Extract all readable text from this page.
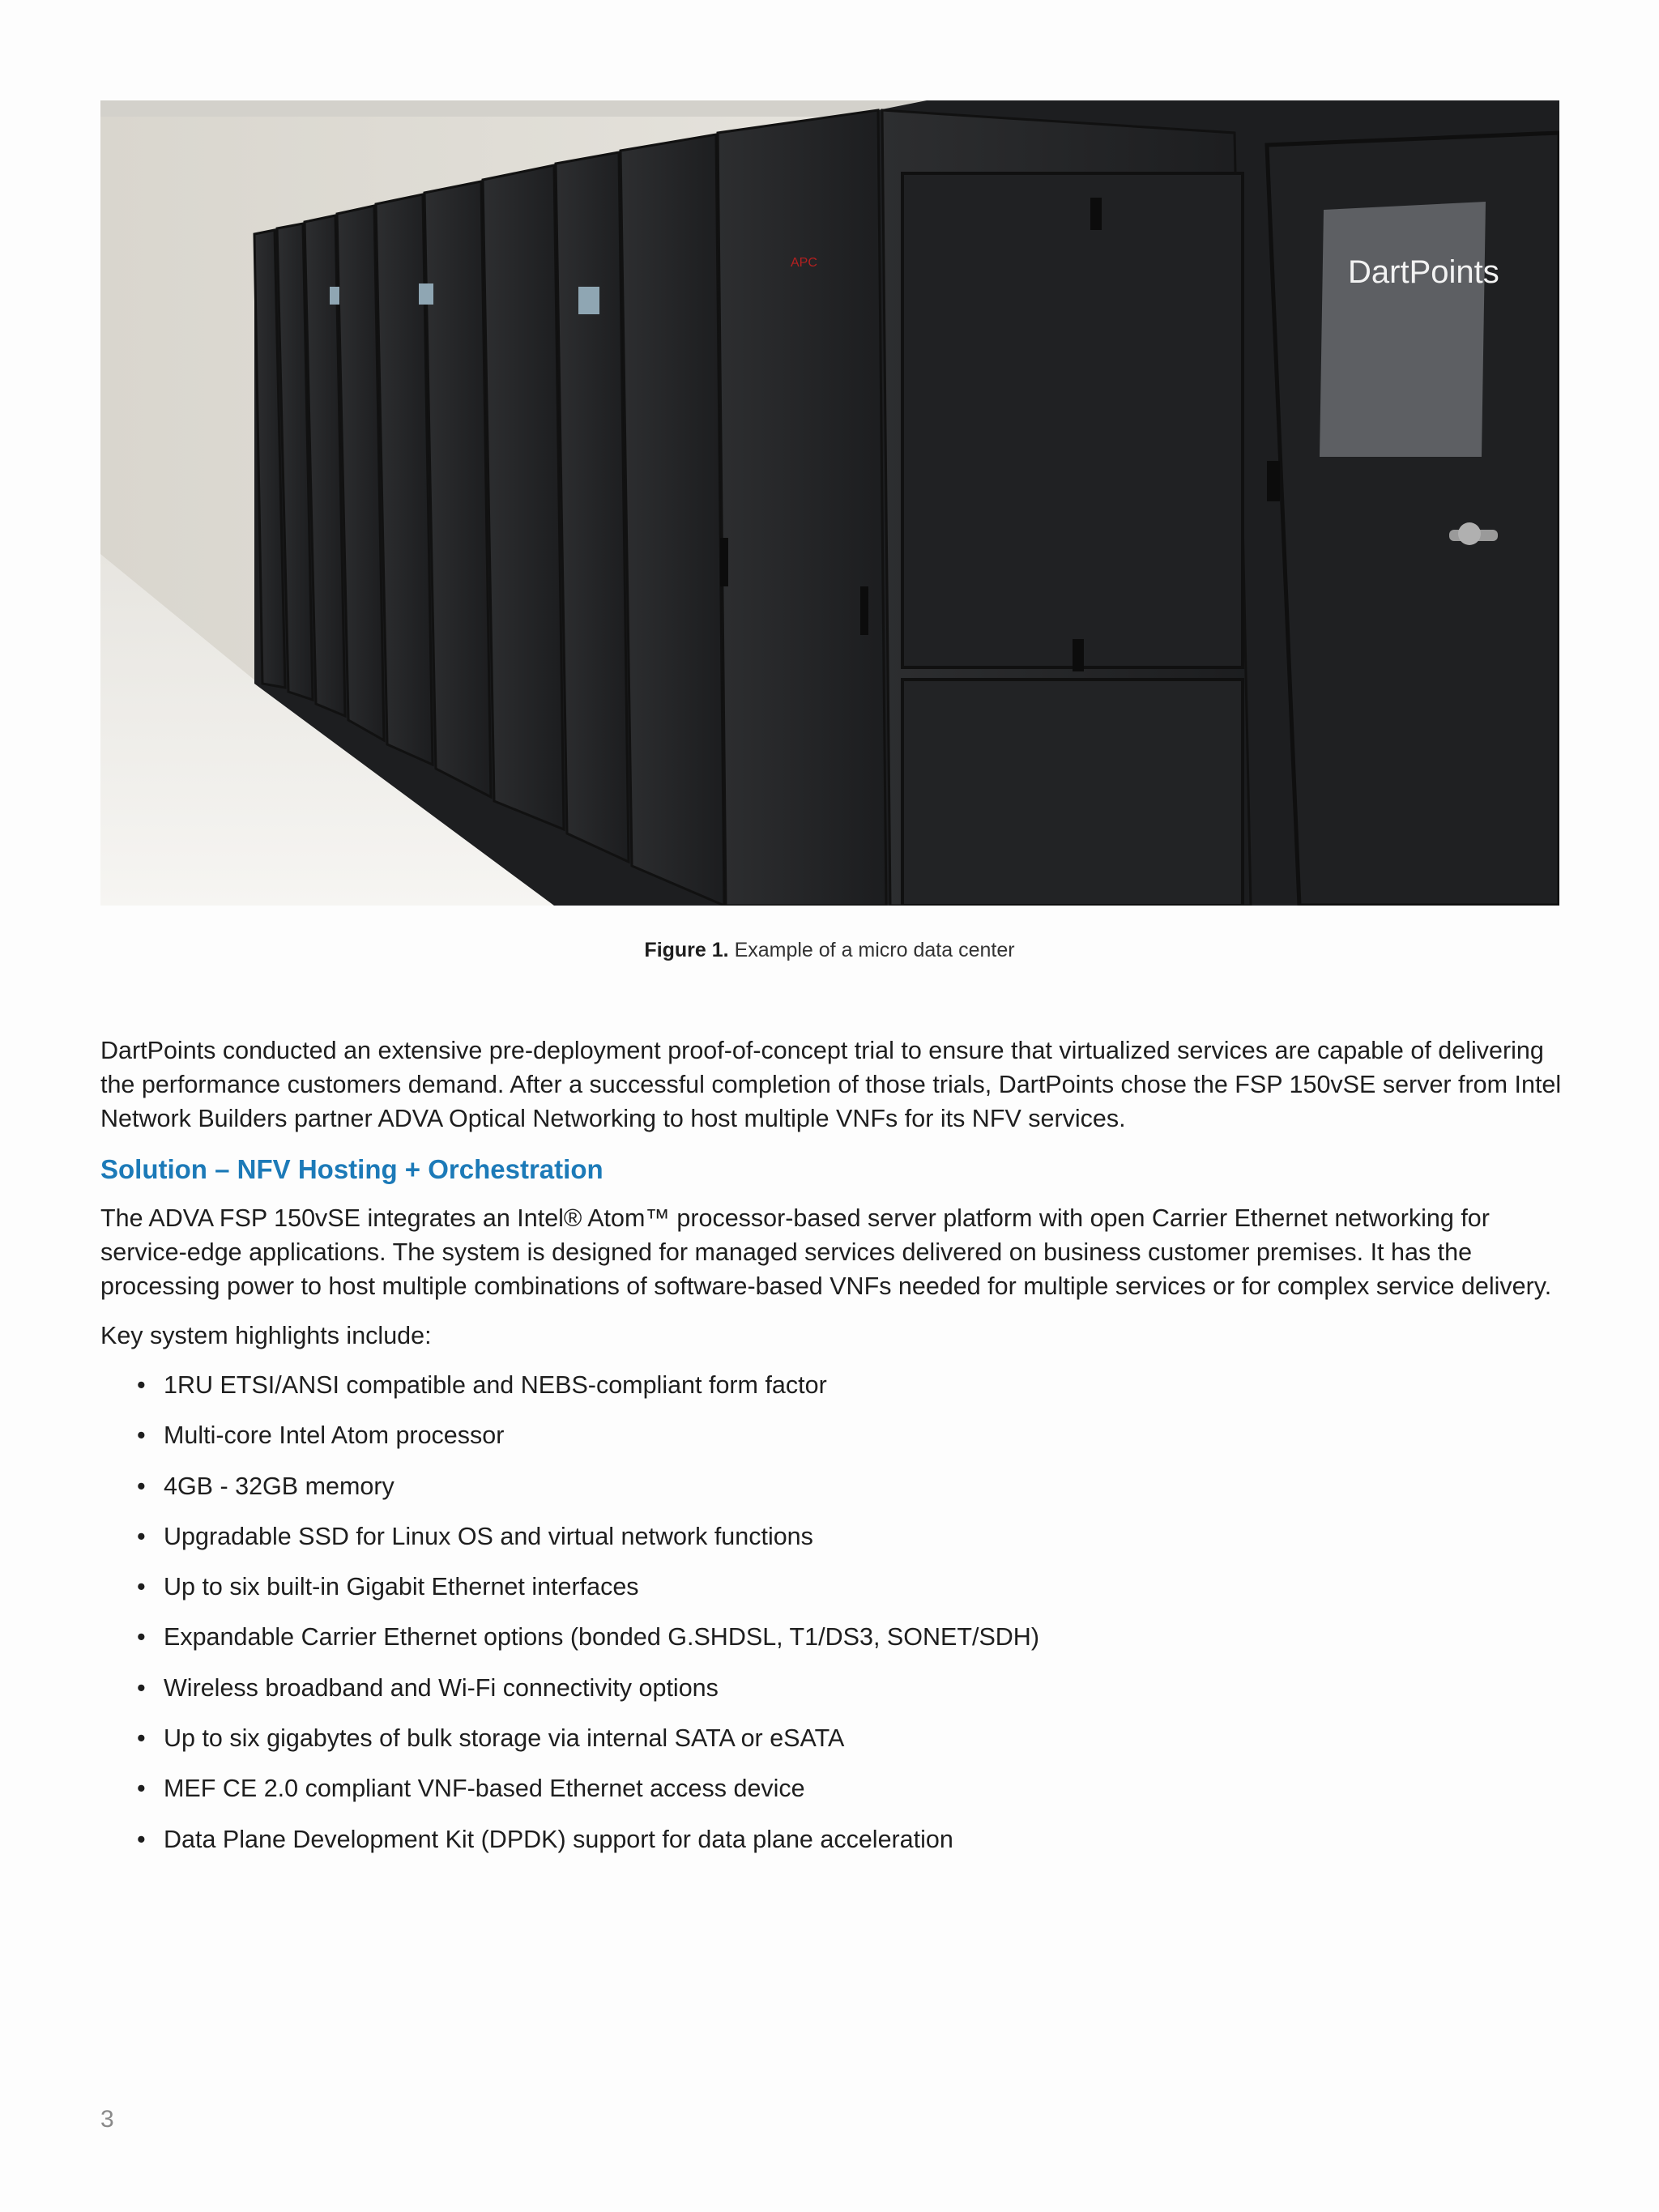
DartPoints
APC
Figure 1. Example of a micro data center

DartPoints conducted an extensive pre-deployment proof-of-concept trial to ensure that virtualized services are capable of delivering the performance customers demand. After a successful completion of those trials, DartPoints chose the FSP 150vSE server from Intel Network Builders partner ADVA Optical Networking to host multiple VNFs for its NFV services.

Solution – NFV Hosting + Orchestration

The ADVA FSP 150vSE integrates an Intel® Atom™ processor-based server platform with open Carrier Ethernet networking for service-edge applications. The system is designed for managed services delivered on business customer premises. It has the processing power to host multiple combinations of software-based VNFs needed for multiple services or for complex service delivery.

Key system highlights include:

• 1RU ETSI/ANSI compatible and NEBS-compliant form factor
• Multi-core Intel Atom processor
• 4GB - 32GB memory
• Upgradable SSD for Linux OS and virtual network functions
• Up to six built-in Gigabit Ethernet interfaces
• Expandable Carrier Ethernet options (bonded G.SHDSL, T1/DS3, SONET/SDH)
• Wireless broadband and Wi-Fi connectivity options
• Up to six gigabytes of bulk storage via internal SATA or eSATA
• MEF CE 2.0 compliant VNF-based Ethernet access device
• Data Plane Development Kit (DPDK) support for data plane acceleration
3
